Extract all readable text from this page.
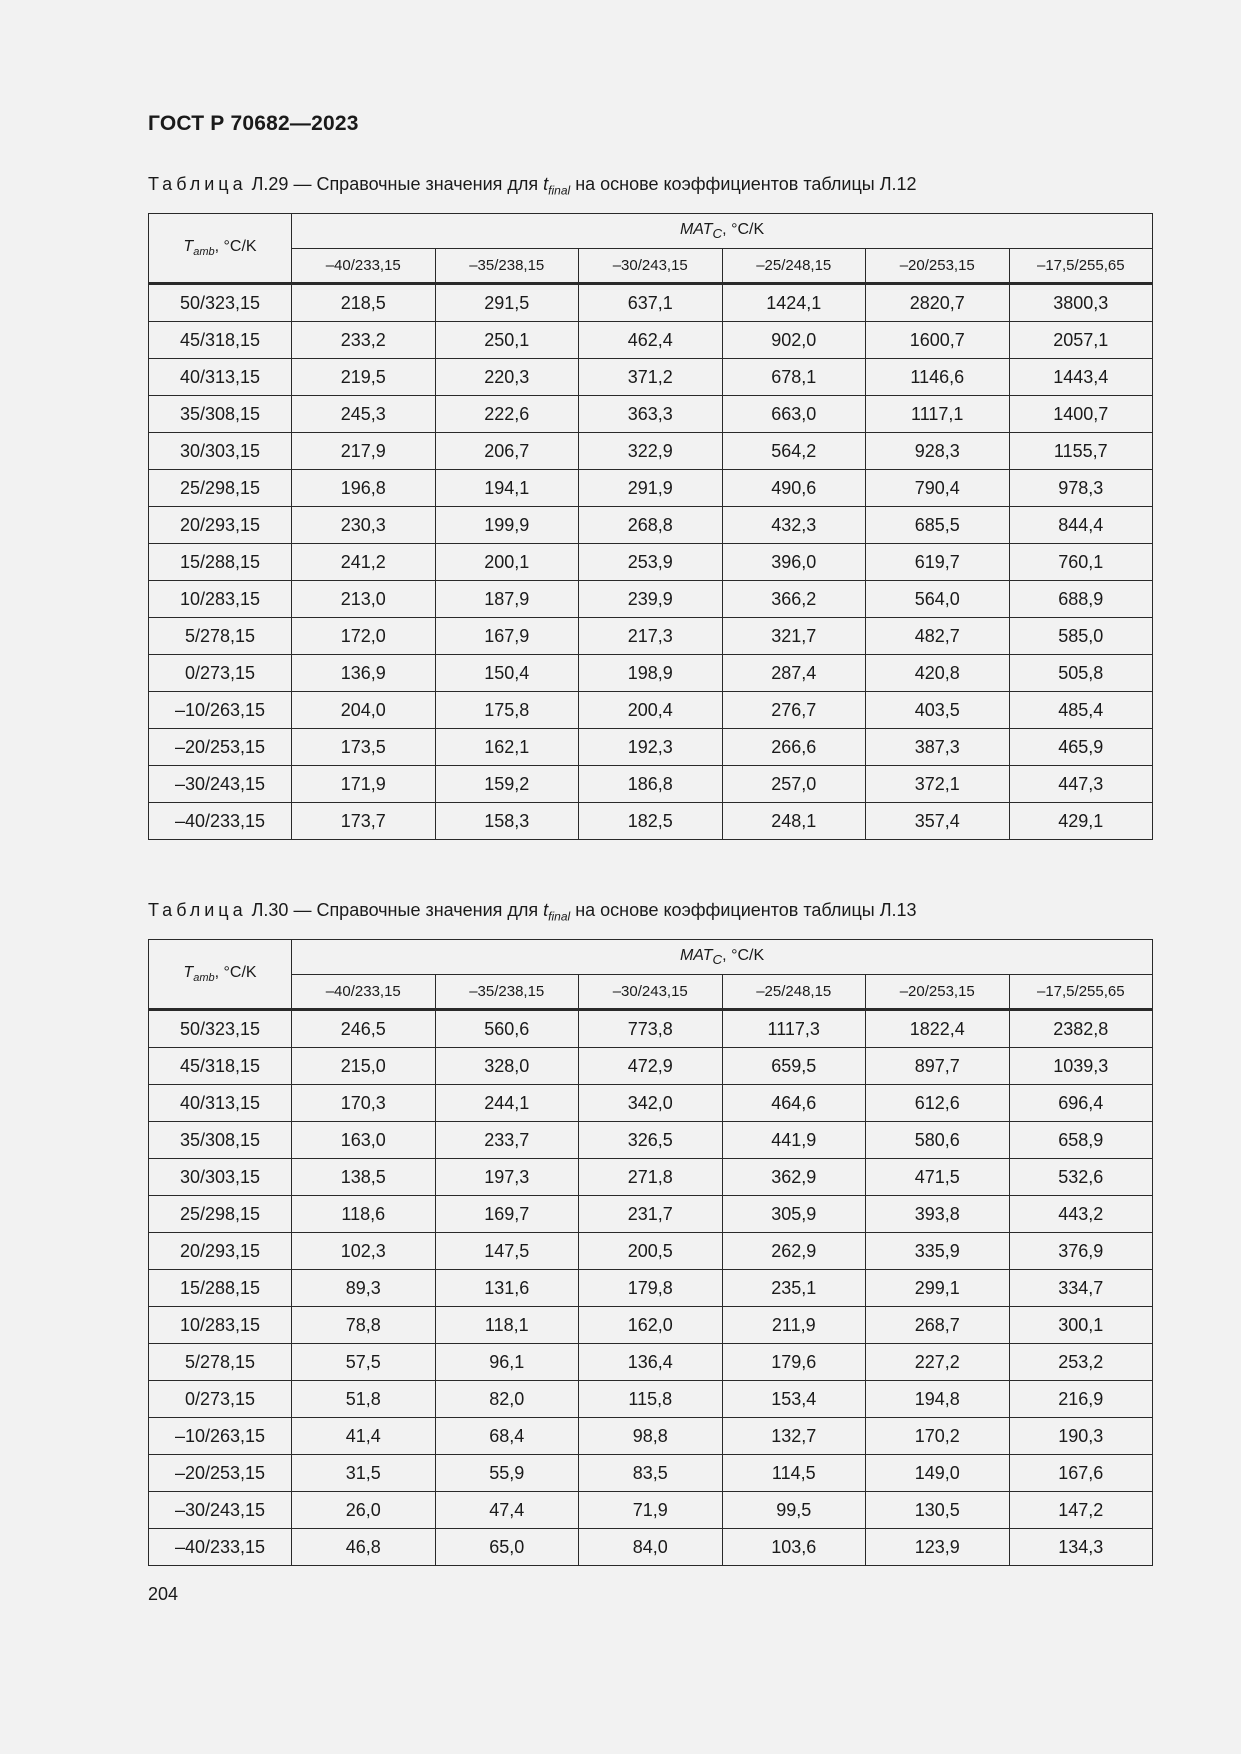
ГОСТ Р 70682—2023
Таблица Л.29 — Справочные значения для $t_{final}$ на основе коэффициентов таблицы Л.12
$T_{amb}$, °C/K	$MAT_C$, °C/K					
	–40/233,15	–35/238,15	–30/243,15	–25/248,15	–20/253,15	–17,5/255,65
50/323,15	218,5	291,5	637,1	1424,1	2820,7	3800,3
45/318,15	233,2	250,1	462,4	902,0	1600,7	2057,1
40/313,15	219,5	220,3	371,2	678,1	1146,6	1443,4
35/308,15	245,3	222,6	363,3	663,0	1117,1	1400,7
30/303,15	217,9	206,7	322,9	564,2	928,3	1155,7
25/298,15	196,8	194,1	291,9	490,6	790,4	978,3
20/293,15	230,3	199,9	268,8	432,3	685,5	844,4
15/288,15	241,2	200,1	253,9	396,0	619,7	760,1
10/283,15	213,0	187,9	239,9	366,2	564,0	688,9
5/278,15	172,0	167,9	217,3	321,7	482,7	585,0
0/273,15	136,9	150,4	198,9	287,4	420,8	505,8
–10/263,15	204,0	175,8	200,4	276,7	403,5	485,4
–20/253,15	173,5	162,1	192,3	266,6	387,3	465,9
–30/243,15	171,9	159,2	186,8	257,0	372,1	447,3
–40/233,15	173,7	158,3	182,5	248,1	357,4	429,1
Таблица Л.30 — Справочные значения для $t_{final}$ на основе коэффициентов таблицы Л.13
$T_{amb}$, °C/K	$MAT_C$, °C/K					
	–40/233,15	–35/238,15	–30/243,15	–25/248,15	–20/253,15	–17,5/255,65
50/323,15	246,5	560,6	773,8	1117,3	1822,4	2382,8
45/318,15	215,0	328,0	472,9	659,5	897,7	1039,3
40/313,15	170,3	244,1	342,0	464,6	612,6	696,4
35/308,15	163,0	233,7	326,5	441,9	580,6	658,9
30/303,15	138,5	197,3	271,8	362,9	471,5	532,6
25/298,15	118,6	169,7	231,7	305,9	393,8	443,2
20/293,15	102,3	147,5	200,5	262,9	335,9	376,9
15/288,15	89,3	131,6	179,8	235,1	299,1	334,7
10/283,15	78,8	118,1	162,0	211,9	268,7	300,1
5/278,15	57,5	96,1	136,4	179,6	227,2	253,2
0/273,15	51,8	82,0	115,8	153,4	194,8	216,9
–10/263,15	41,4	68,4	98,8	132,7	170,2	190,3
–20/253,15	31,5	55,9	83,5	114,5	149,0	167,6
–30/243,15	26,0	47,4	71,9	99,5	130,5	147,2
–40/233,15	46,8	65,0	84,0	103,6	123,9	134,3
204
